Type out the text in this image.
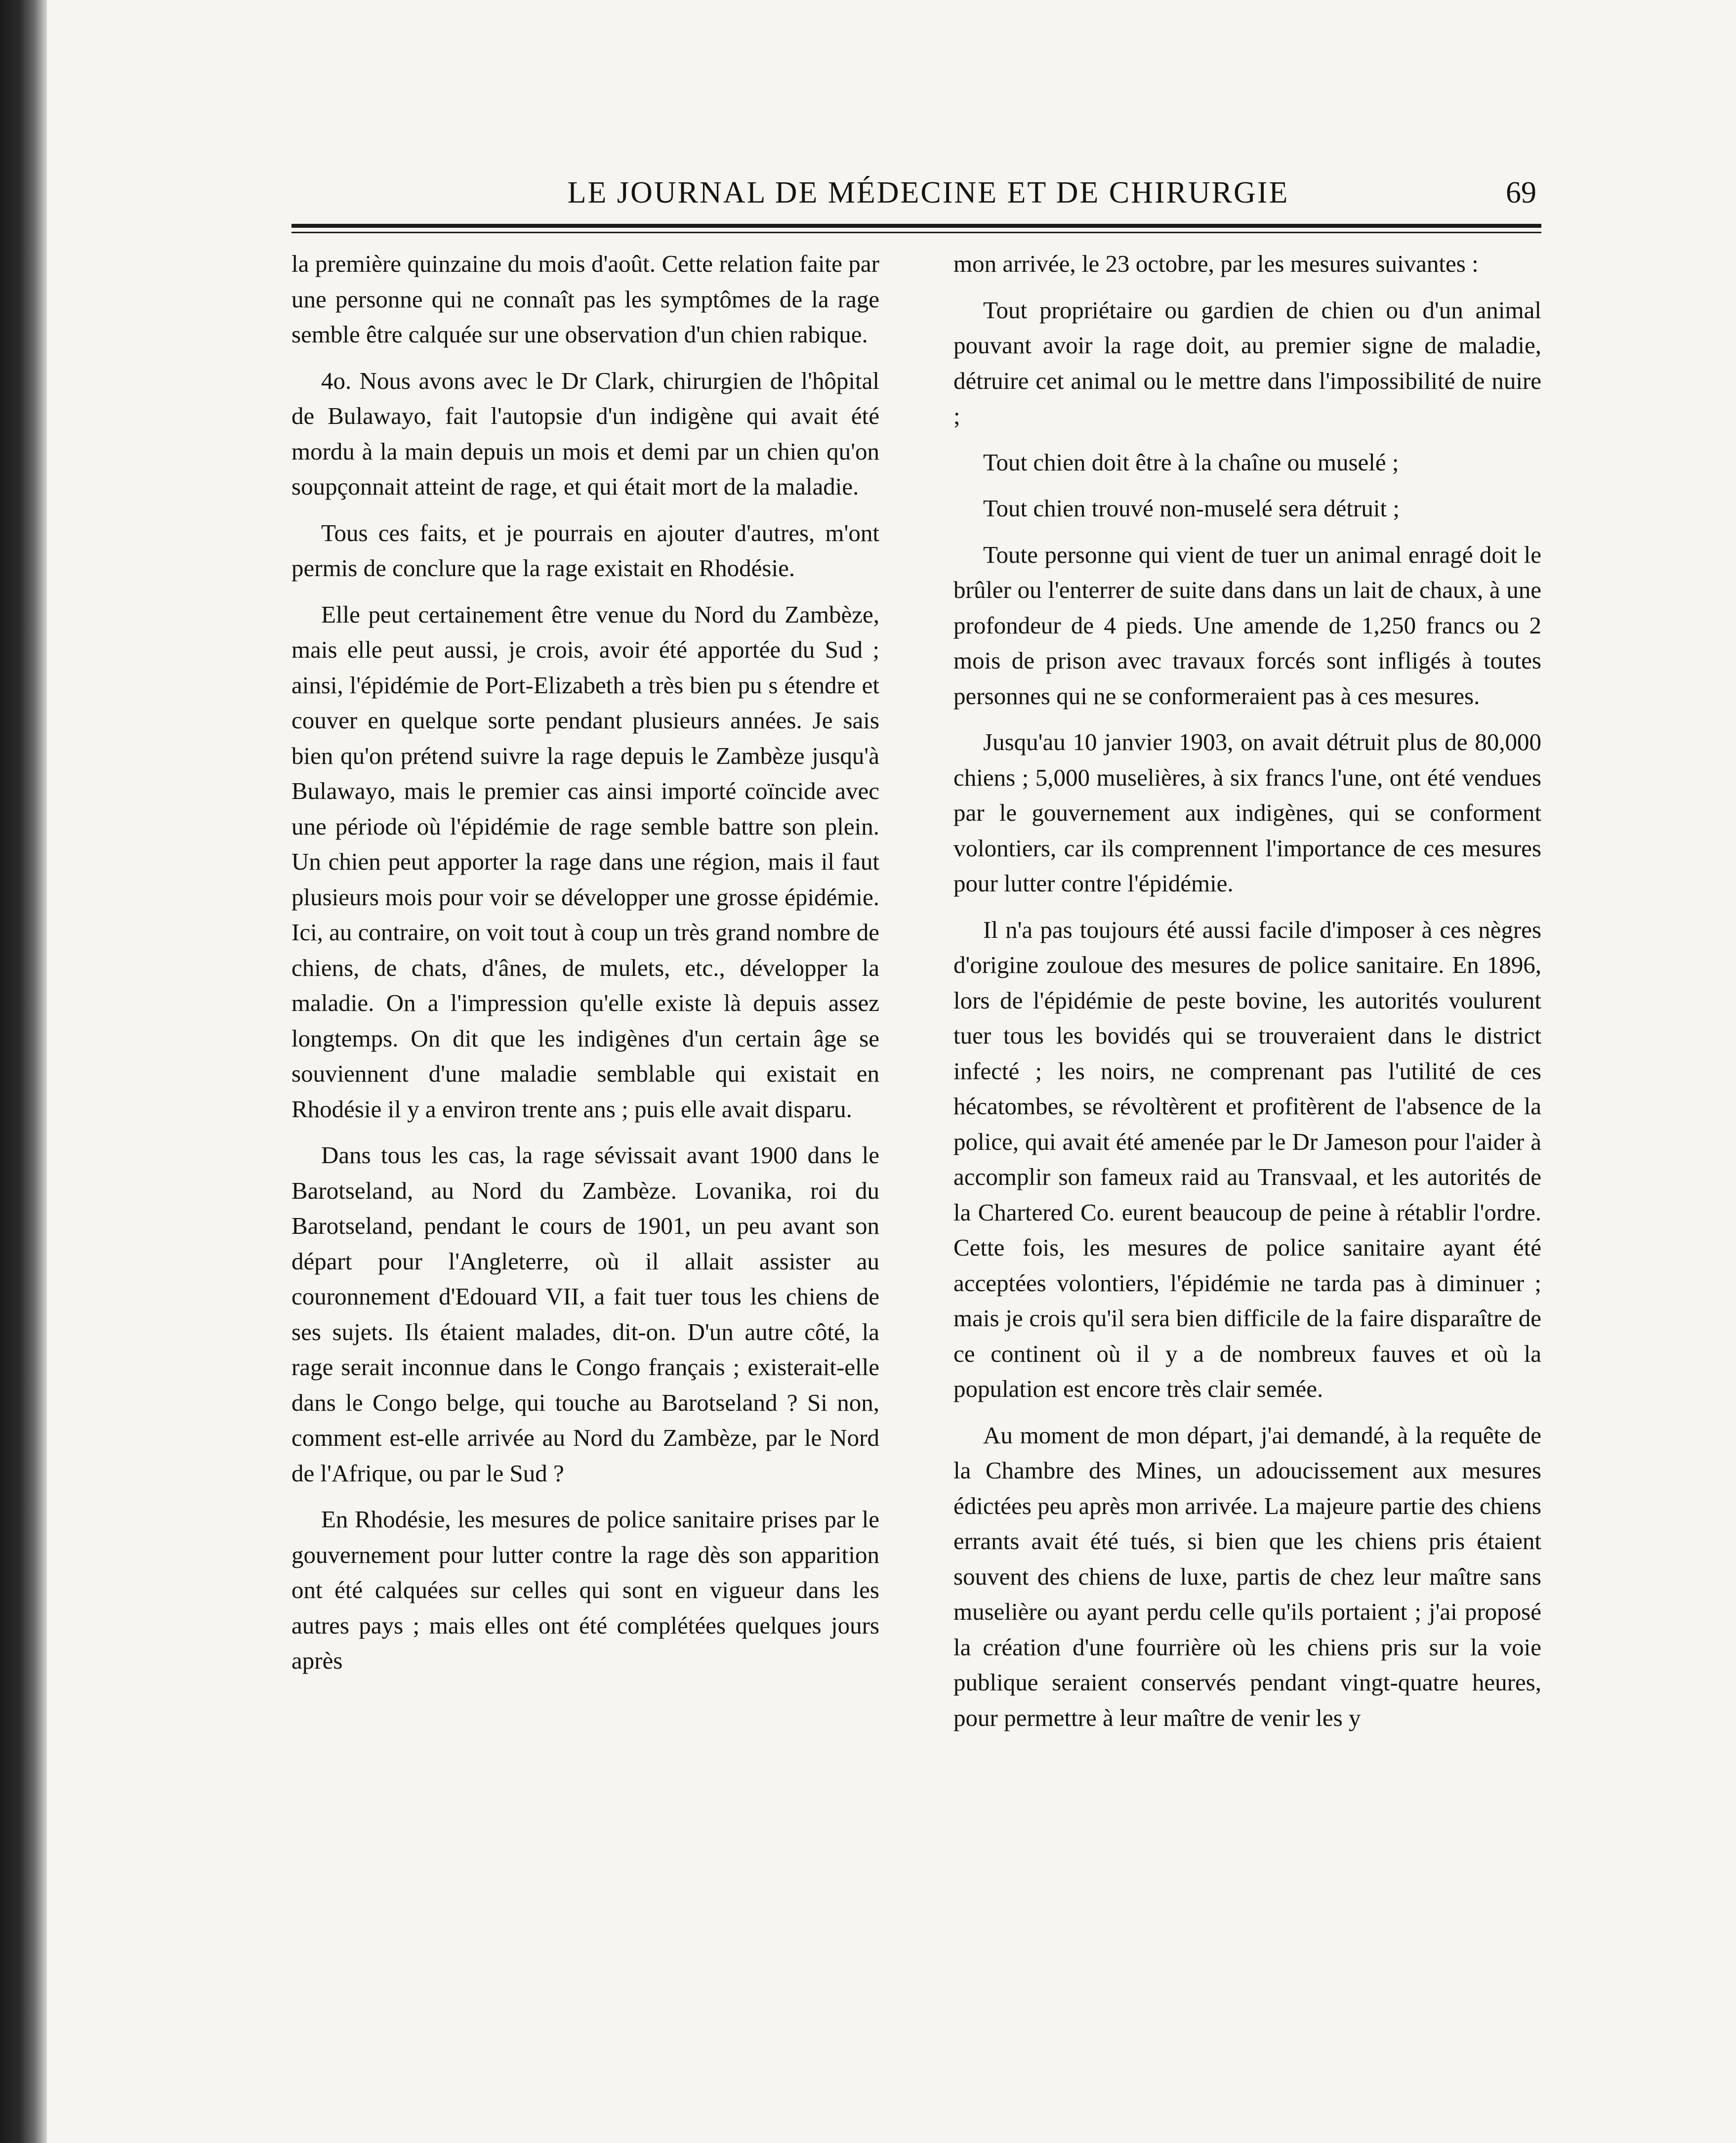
LE JOURNAL DE MÉDECINE ET DE CHIRURGIE	69

la première quinzaine du mois d'août. Cette relation faite par une personne qui ne connaît pas les symptômes de la rage semble être calquée sur une observation d'un chien rabique.

4o. Nous avons avec le Dr Clark, chirurgien de l'hôpital de Bulawayo, fait l'autopsie d'un indigène qui avait été mordu à la main depuis un mois et demi par un chien qu'on soupçonnait atteint de rage, et qui était mort de la maladie.

Tous ces faits, et je pourrais en ajouter d'autres, m'ont permis de conclure que la rage existait en Rhodésie.

Elle peut certainement être venue du Nord du Zambèze, mais elle peut aussi, je crois, avoir été apportée du Sud ; ainsi, l'épidémie de Port-Elizabeth a très bien pu s étendre et couver en quelque sorte pendant plusieurs années. Je sais bien qu'on prétend suivre la rage depuis le Zambèze jusqu'à Bulawayo, mais le premier cas ainsi importé coïncide avec une période où l'épidémie de rage semble battre son plein. Un chien peut apporter la rage dans une région, mais il faut plusieurs mois pour voir se développer une grosse épidémie. Ici, au contraire, on voit tout à coup un très grand nombre de chiens, de chats, d'ânes, de mulets, etc., développer la maladie. On a l'impression qu'elle existe là depuis assez longtemps. On dit que les indigènes d'un certain âge se souviennent d'une maladie semblable qui existait en Rhodésie il y a environ trente ans ; puis elle avait disparu.

Dans tous les cas, la rage sévissait avant 1900 dans le Barotseland, au Nord du Zambèze. Lovanika, roi du Barotseland, pendant le cours de 1901, un peu avant son départ pour l'Angleterre, où il allait assister au couronnement d'Edouard VII, a fait tuer tous les chiens de ses sujets. Ils étaient malades, dit-on. D'un autre côté, la rage serait inconnue dans le Congo français ; existerait-elle dans le Congo belge, qui touche au Barotseland ? Si non, comment est-elle arrivée au Nord du Zambèze, par le Nord de l'Afrique, ou par le Sud ?

En Rhodésie, les mesures de police sanitaire prises par le gouvernement pour lutter contre la rage dès son apparition ont été calquées sur celles qui sont en vigueur dans les autres pays ; mais elles ont été complétées quelques jours après

mon arrivée, le 23 octobre, par les mesures suivantes :

Tout propriétaire ou gardien de chien ou d'un animal pouvant avoir la rage doit, au premier signe de maladie, détruire cet animal ou le mettre dans l'impossibilité de nuire ;

Tout chien doit être à la chaîne ou muselé ;

Tout chien trouvé non-muselé sera détruit ;

Toute personne qui vient de tuer un animal enragé doit le brûler ou l'enterrer de suite dans dans un lait de chaux, à une profondeur de 4 pieds. Une amende de 1,250 francs ou 2 mois de prison avec travaux forcés sont infligés à toutes personnes qui ne se conformeraient pas à ces mesures.

Jusqu'au 10 janvier 1903, on avait détruit plus de 80,000 chiens ; 5,000 muselières, à six francs l'une, ont été vendues par le gouvernement aux indigènes, qui se conforment volontiers, car ils comprennent l'importance de ces mesures pour lutter contre l'épidémie.

Il n'a pas toujours été aussi facile d'imposer à ces nègres d'origine zouloue des mesures de police sanitaire. En 1896, lors de l'épidémie de peste bovine, les autorités voulurent tuer tous les bovidés qui se trouveraient dans le district infecté ; les noirs, ne comprenant pas l'utilité de ces hécatombes, se révoltèrent et profitèrent de l'absence de la police, qui avait été amenée par le Dr Jameson pour l'aider à accomplir son fameux raid au Transvaal, et les autorités de la Chartered Co. eurent beaucoup de peine à rétablir l'ordre. Cette fois, les mesures de police sanitaire ayant été acceptées volontiers, l'épidémie ne tarda pas à diminuer ; mais je crois qu'il sera bien difficile de la faire disparaître de ce continent où il y a de nombreux fauves et où la population est encore très clair semée.

Au moment de mon départ, j'ai demandé, à la requête de la Chambre des Mines, un adoucissement aux mesures édictées peu après mon arrivée. La majeure partie des chiens errants avait été tués, si bien que les chiens pris étaient souvent des chiens de luxe, partis de chez leur maître sans muselière ou ayant perdu celle qu'ils portaient ; j'ai proposé la création d'une fourrière où les chiens pris sur la voie publique seraient conservés pendant vingt-quatre heures, pour permettre à leur maître de venir les y
